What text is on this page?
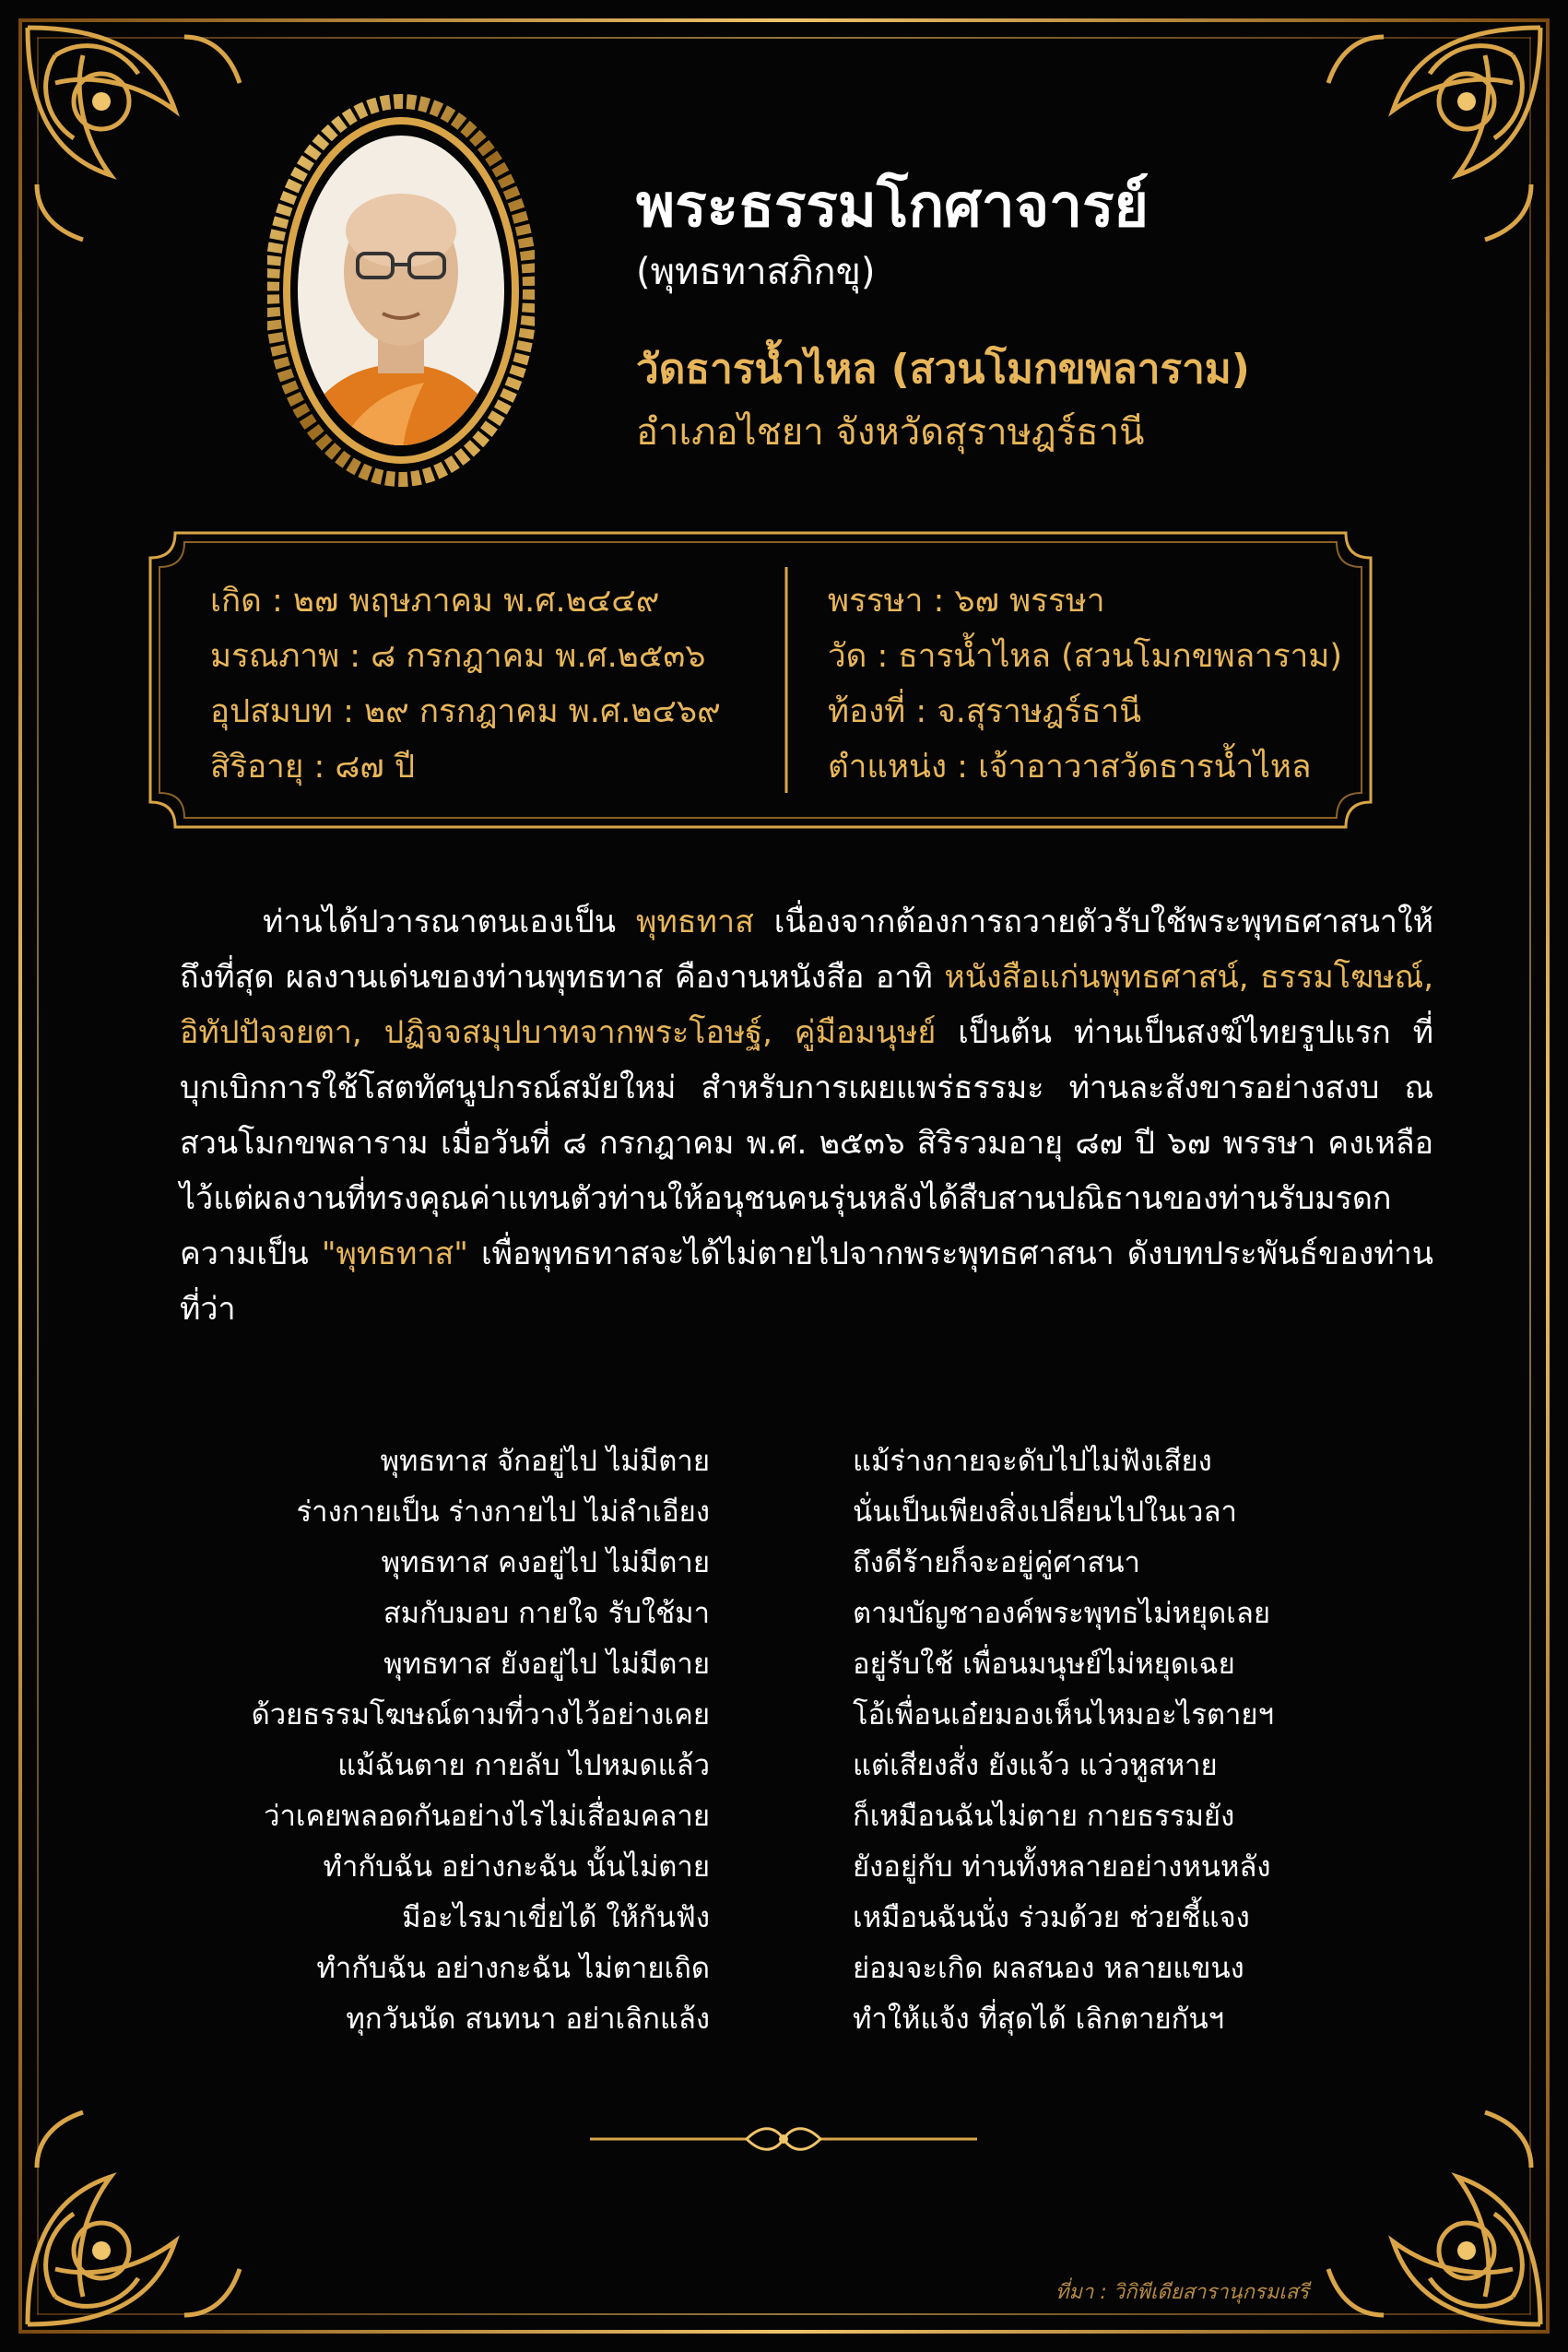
พระธรรมโกศาจารย์
(พุทธทาสภิกขุ)
วัดธารน้ำไหล (สวนโมกขพลาราม)
อำเภอไชยา จังหวัดสุราษฎร์ธานี
เกิด : ๒๗ พฤษภาคม พ.ศ.๒๔๔๙
มรณภาพ : ๘ กรกฎาคม พ.ศ.๒๕๓๖
อุปสมบท : ๒๙ กรกฎาคม พ.ศ.๒๔๖๙
สิริอายุ : ๘๗ ปี
พรรษา : ๖๗ พรรษา
วัด : ธารน้ำไหล (สวนโมกขพลาราม)
ท้องที่ : จ.สุราษฎร์ธานี
ตำแหน่ง : เจ้าอาวาสวัดธารน้ำไหล

ท่านได้ปวารณาตนเองเป็น พุทธทาส เนื่องจากต้องการถวายตัวรับใช้พระพุทธศาสนาให้ถึงที่สุด ผลงานเด่นของท่านพุทธทาส คืองานหนังสือ อาทิ หนังสือแก่นพุทธศาสน์, ธรรมโฆษณ์, อิทัปปัจจยตา, ปฏิจจสมุปบาทจากพระโอษฐ์, คู่มือมนุษย์ เป็นต้น ท่านเป็นสงฆ์ไทยรูปแรก ที่บุกเบิกการใช้โสตทัศนูปกรณ์สมัยใหม่ สำหรับการเผยแพร่ธรรมะ ท่านละสังขารอย่างสงบ ณ สวนโมกขพลาราม เมื่อวันที่ ๘ กรกฎาคม พ.ศ. ๒๕๓๖ สิริรวมอายุ ๘๗ ปี ๖๗ พรรษา คงเหลือไว้แต่ผลงานที่ทรงคุณค่าแทนตัวท่านให้อนุชนคนรุ่นหลังได้สืบสานปณิธานของท่านรับมรดกความเป็น "พุทธทาส" เพื่อพุทธทาสจะได้ไม่ตายไปจากพระพุทธศาสนา ดังบทประพันธ์ของท่านที่ว่า

พุทธทาส จักอยู่ไป ไม่มีตาย
ร่างกายเป็น ร่างกายไป ไม่ลำเอียง
พุทธทาส คงอยู่ไป ไม่มีตาย
สมกับมอบ กายใจ รับใช้มา
พุทธทาส ยังอยู่ไป ไม่มีตาย
ด้วยธรรมโฆษณ์ตามที่วางไว้อย่างเคย
แม้ฉันตาย กายลับ ไปหมดแล้ว
ว่าเคยพลอดกันอย่างไรไม่เสื่อมคลาย
ทำกับฉัน อย่างกะฉัน นั้นไม่ตาย
มีอะไรมาเขี่ยได้ ให้กันฟัง
ทำกับฉัน อย่างกะฉัน ไม่ตายเถิด
ทุกวันนัด สนทนา อย่าเลิกแล้ง
แม้ร่างกายจะดับไปไม่ฟังเสียง
นั่นเป็นเพียงสิ่งเปลี่ยนไปในเวลา
ถึงดีร้ายก็จะอยู่คู่ศาสนา
ตามบัญชาองค์พระพุทธไม่หยุดเลย
อยู่รับใช้ เพื่อนมนุษย์ไม่หยุดเฉย
โอ้เพื่อนเอ๋ยมองเห็นไหมอะไรตายฯ
แต่เสียงสั่ง ยังแจ้ว แว่วหูสหาย
ก็เหมือนฉันไม่ตาย กายธรรมยัง
ยังอยู่กับ ท่านทั้งหลายอย่างหนหลัง
เหมือนฉันนั่ง ร่วมด้วย ช่วยชี้แจง
ย่อมจะเกิด ผลสนอง หลายแขนง
ทำให้แจ้ง ที่สุดได้ เลิกตายกันฯ
ที่มา : วิกิพีเดียสารานุกรมเสรี
